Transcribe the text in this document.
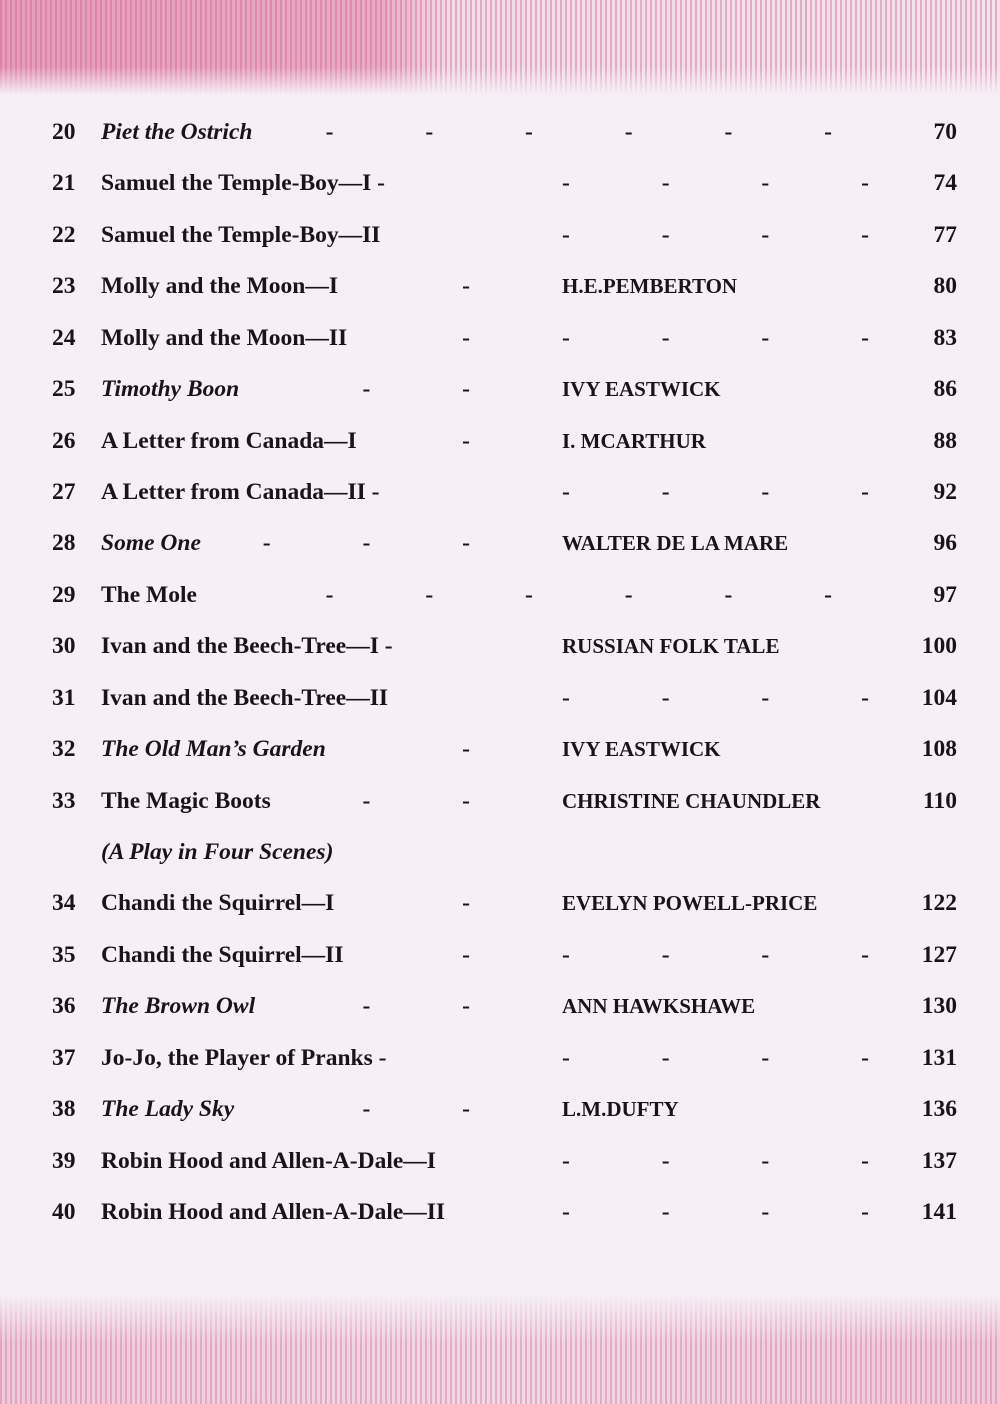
20 Piet the Ostrich	- - - - - -	70
21 Samuel the Temple-Boy—I -	- - - -	74
22 Samuel the Temple-Boy—II	- - - -	77
23 Molly and the Moon—I	-	H.E.PEMBERTON	80
24 Molly and the Moon—II	-	- - - -	83
25 Timothy Boon	- -	IVY EASTWICK	86
26 A Letter from Canada—I	-	I. MCARTHUR	88
27 A Letter from Canada—II -	- - - -	92
28 Some One	- - -	WALTER DE LA MARE	96
29 The Mole	- - - - - -	97
30 Ivan and the Beech-Tree—I -	RUSSIAN FOLK TALE	100
31 Ivan and the Beech-Tree—II	- - - - 104
32 The Old Man’s Garden	-	IVY EASTWICK	108
33 The Magic Boots	- -	CHRISTINE CHAUNDLER	110
(A Play in Four Scenes)
34 Chandi the Squirrel—I	-	EVELYN POWELL-PRICE	122
35 Chandi the Squirrel—II	-	- - - - 127
36 The Brown Owl	- -	ANN HAWKSHAWE	130
37 Jo-Jo, the Player of Pranks -	- - - - 131
38 The Lady Sky	- -	L.M.DUFTY	136
39 Robin Hood and Allen-A-Dale—I	- - - - 137
40 Robin Hood and Allen-A-Dale—II	- - - - 141
